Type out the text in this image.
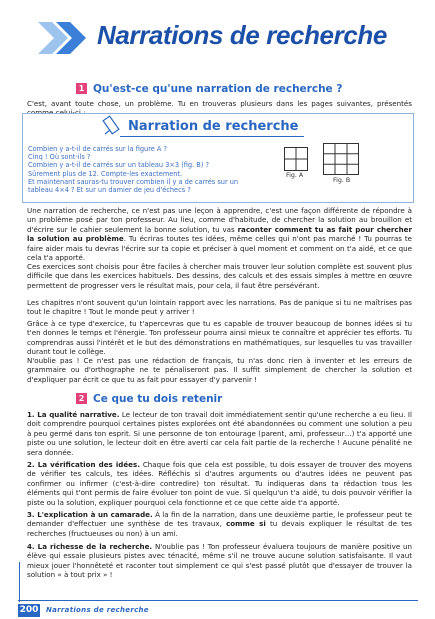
Narrations de recherche
1 Qu'est-ce qu'une narration de recherche ?
C'est, avant toute chose, un problème. Tu en trouveras plusieurs dans les pages suivantes, présentés
Narration de recherche
Combien y a-t-il de carrés sur la figure A ?
Cinq ! Où sont-ils ?
Combien y a-t-il de carrés sur un tableau 3×3 (fig. B) ?
Sûrement plus de 12. Compte-les exactement.
Et maintenant sauras-tu trouver combien il y a de carrés sur un
tableau 4×4 ? Et sur un damier de jeu d'échecs ?
Fig. A
Fig. B
Une narration de recherche, ce n'est pas une leçon à apprendre, c'est une façon différente de répondre à un problème posé par ton professeur. Au lieu, comme d'habitude, de chercher la solution au brouillon et d'écrire sur le cahier seulement la bonne solution, tu vas raconter comment tu as fait pour chercher la solution au problème. Tu écriras toutes tes idées, même celles qui n'ont pas marché ! Tu pourras te faire aider mais tu devras l'écrire sur ta copie et préciser à quel moment et comment on t'a aidé, et ce que cela t'a apporté.
Ces exercices sont choisis pour être faciles à chercher mais trouver leur solution complète est souvent plus difficile que dans les exercices habituels. Des dessins, des calculs et des essais simples à mettre en œuvre permettent de progresser vers le résultat mais, pour cela, il faut être persévérant.
Les chapitres n'ont souvent qu'un lointain rapport avec les narrations. Pas de panique si tu ne maîtrises pas tout le chapitre ! Tout le monde peut y arriver !
Grâce à ce type d'exercice, tu t'apercevras que tu es capable de trouver beaucoup de bonnes idées si tu t'en donnes le temps et l'énergie. Ton professeur pourra ainsi mieux te connaître et apprécier tes efforts. Tu comprendras aussi l'intérêt et le but des démonstrations en mathématiques, sur lesquelles tu vas travailler durant tout le collège.
N'oublie pas ! Ce n'est pas une rédaction de français, tu n'as donc rien à inventer et les erreurs de grammaire ou d'orthographe ne te pénaliseront pas. Il suffit simplement de chercher la solution et d'expliquer par écrit ce que tu as fait pour essayer d'y parvenir !
2 Ce que tu dois retenir
1. La qualité narrative. Le lecteur de ton travail doit immédiatement sentir qu'une recherche a eu lieu. Il doit comprendre pourquoi certaines pistes explorées ont été abandonnées ou comment une solution a peu à peu germé dans ton esprit. Si une personne de ton entourage (parent, ami, professeur…) t'a apporté une piste ou une solution, le lecteur doit en être averti car cela fait partie de la recherche ! Aucune pénalité ne sera donnée.
2. La vérification des idées. Chaque fois que cela est possible, tu dois essayer de trouver des moyens de vérifier tes calculs, tes idées. Réfléchis si d'autres arguments ou d'autres idées ne peuvent pas confirmer ou infirmer (c'est-à-dire contredire) ton résultat. Tu indiqueras dans ta rédaction tous les éléments qui t'ont permis de faire évoluer ton point de vue. Si quelqu'un t'a aidé, tu dois pouvoir vérifier la piste ou la solution, expliquer pourquoi cela fonctionne et ce que cette aide t'a apporté.
3. L'explication à un camarade. À la fin de la narration, dans une deuxième partie, le professeur peut te demander d'effectuer une synthèse de tes travaux, comme si tu devais expliquer le résultat de tes recherches (fructueuses ou non) à un ami.
4. La richesse de la recherche. N'oublie pas ! Ton professeur évaluera toujours de manière positive un élève qui essaie plusieurs pistes avec ténacité, même s'il ne trouve aucune solution satisfaisante. Il vaut mieux jouer l'honnêteté et raconter tout simplement ce qui s'est passé plutôt que d'essayer de trouver la solution « à tout prix » !
200 Narrations de recherche
